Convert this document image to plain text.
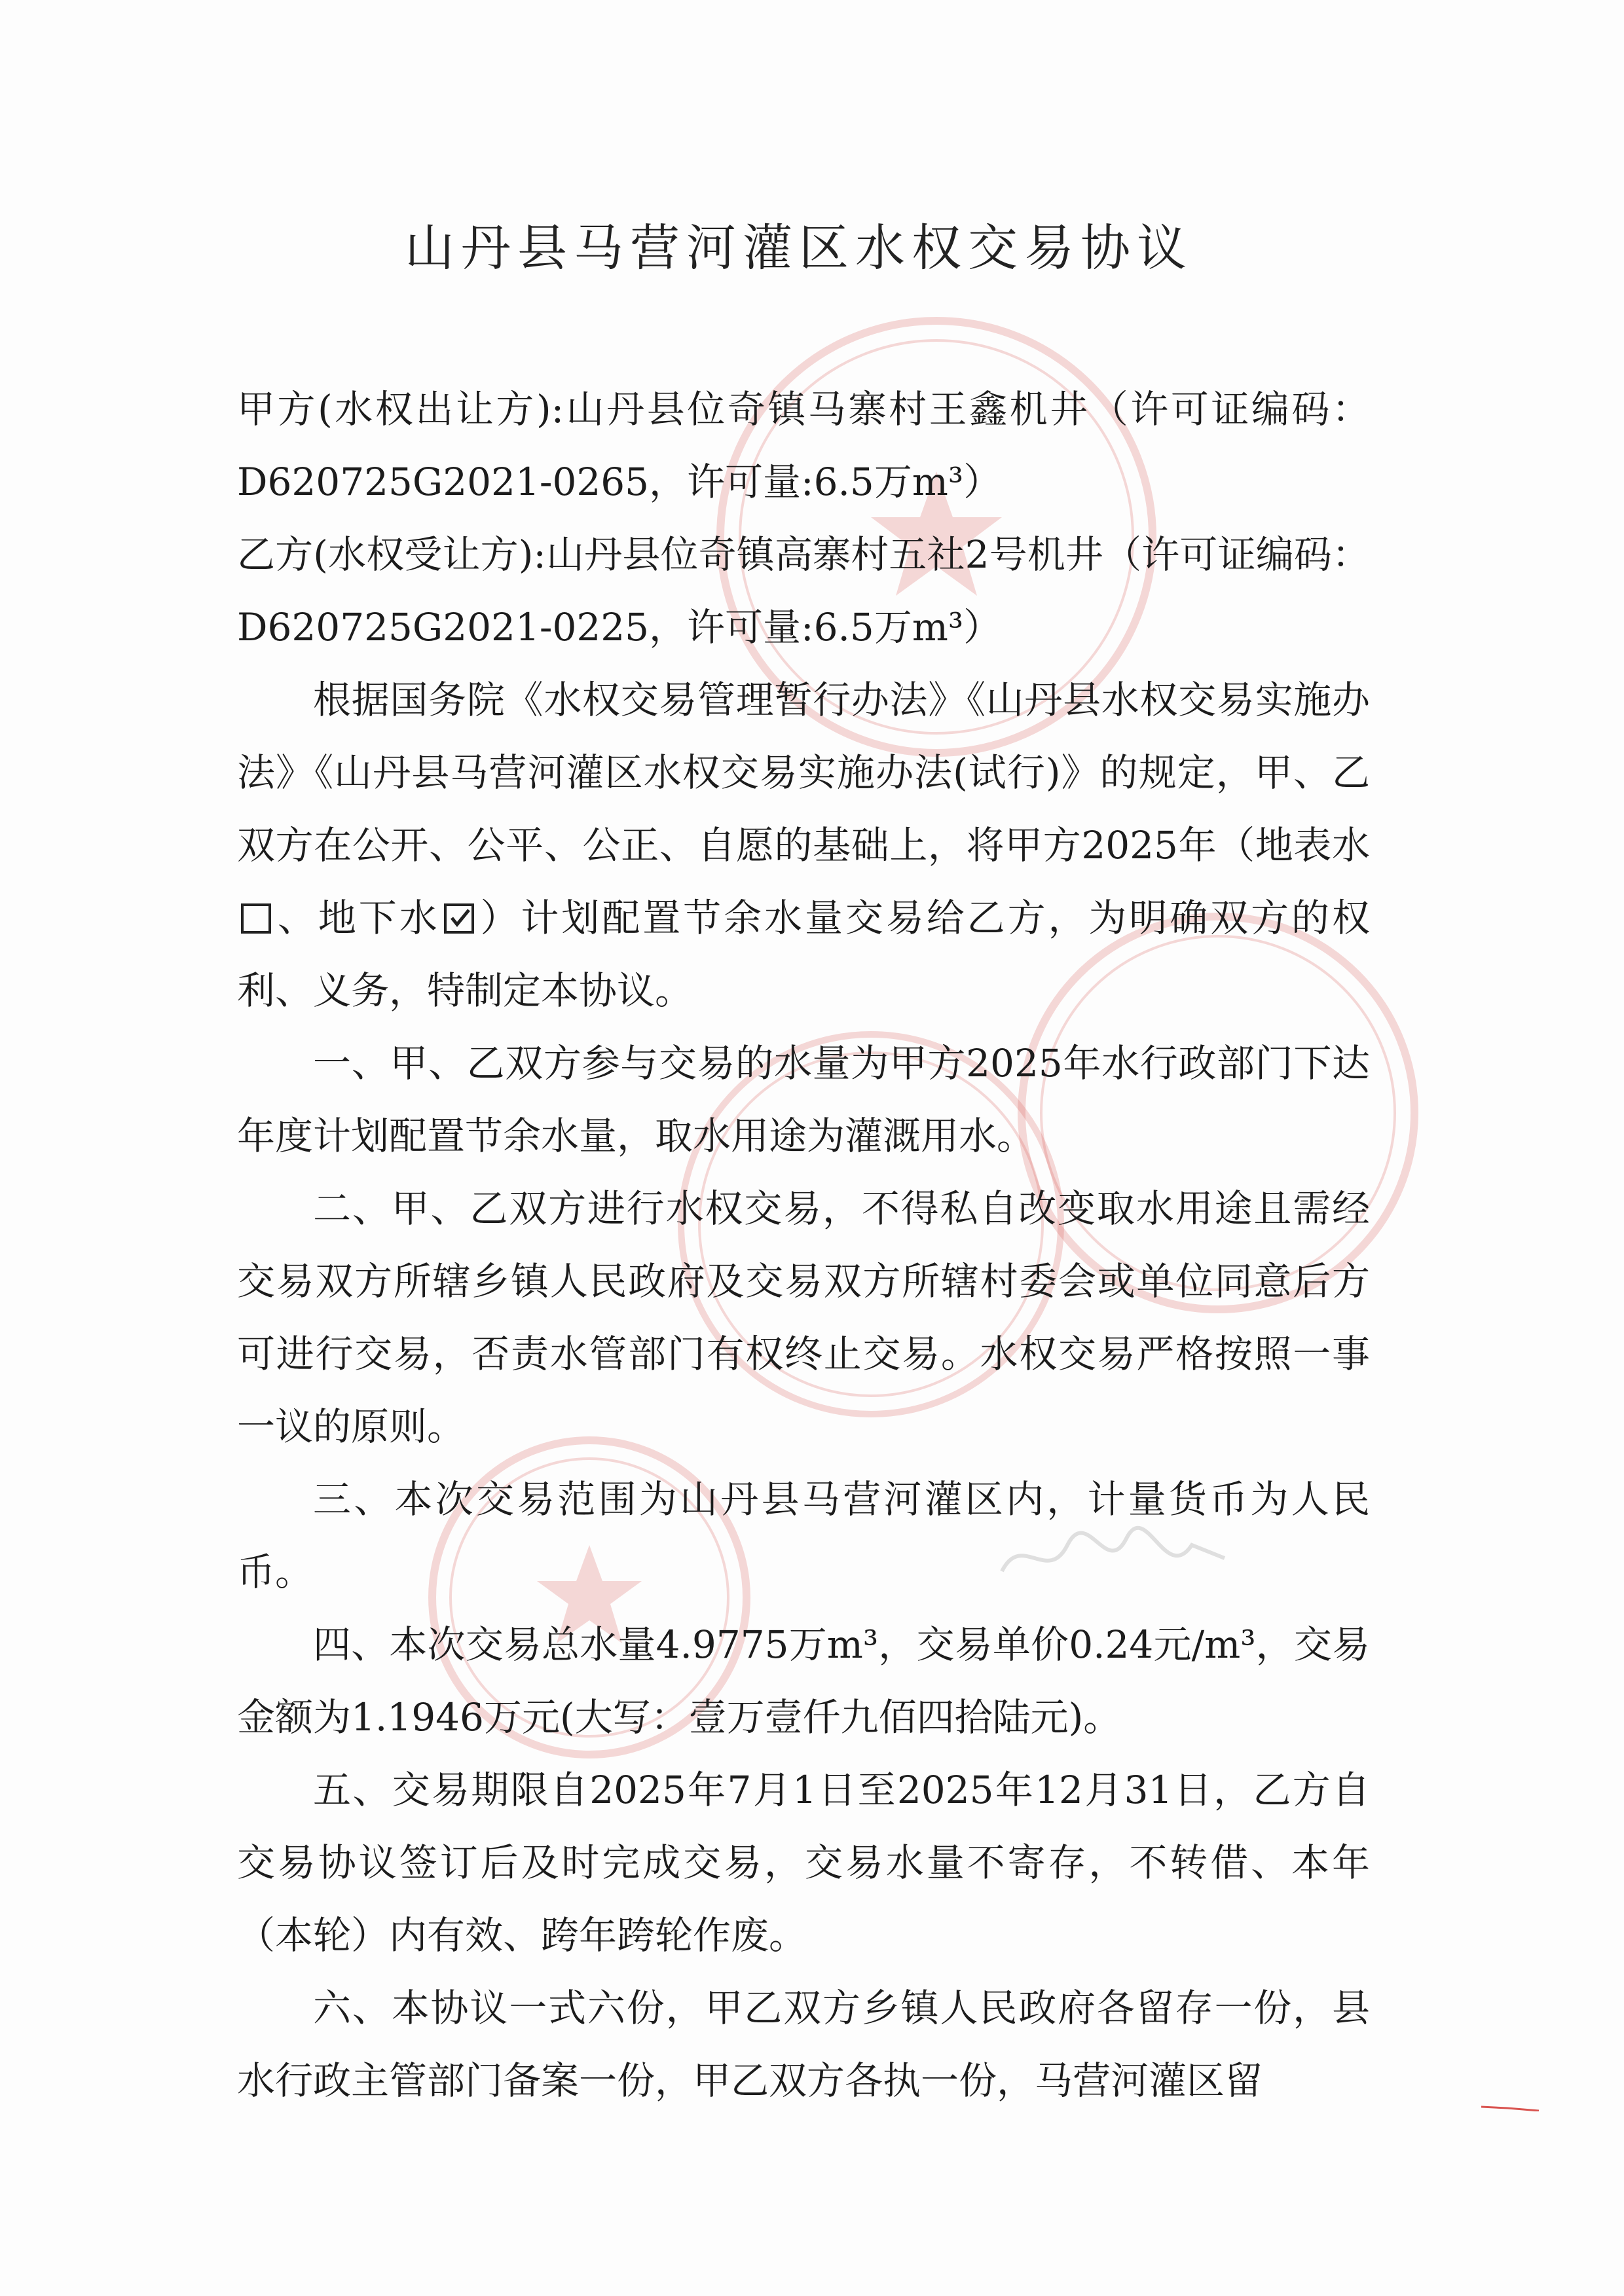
山丹县马营河灌区水权交易协议

甲方(水权出让方):山丹县位奇镇马寨村王鑫机井（许可证编码：D620725G2021-0265，许可量:6.5万m³）

乙方(水权受让方):山丹县位奇镇高寨村五社2号机井（许可证编码：D620725G2021-0225，许可量:6.5万m³）

根据国务院《水权交易管理暂行办法》《山丹县水权交易实施办法》《山丹县马营河灌区水权交易实施办法(试行)》的规定，甲、乙双方在公开、公平、公正、自愿的基础上，将甲方2025年（地表水、地下水 ）计划配置节余水量交易给乙方，为明确双方的权利、义务，特制定本协议。

一、甲、乙双方参与交易的水量为甲方2025年水行政部门下达年度计划配置节余水量，取水用途为灌溉用水。

二、甲、乙双方进行水权交易，不得私自改变取水用途且需经交易双方所辖乡镇人民政府及交易双方所辖村委会或单位同意后方可进行交易，否责水管部门有权终止交易。水权交易严格按照一事一议的原则。

三、本次交易范围为山丹县马营河灌区内，计量货币为人民币。

四、本次交易总水量4.9775万m³，交易单价0.24元/m³，交易金额为1.1946万元(大写：壹万壹仟九佰四拾陆元)。

五、交易期限自2025年7月1日至2025年12月31日，乙方自交易协议签订后及时完成交易，交易水量不寄存，不转借、本年（本轮）内有效、跨年跨轮作废。

六、本协议一式六份，甲乙双方乡镇人民政府各留存一份，县水行政主管部门备案一份，甲乙双方各执一份，马营河灌区留
